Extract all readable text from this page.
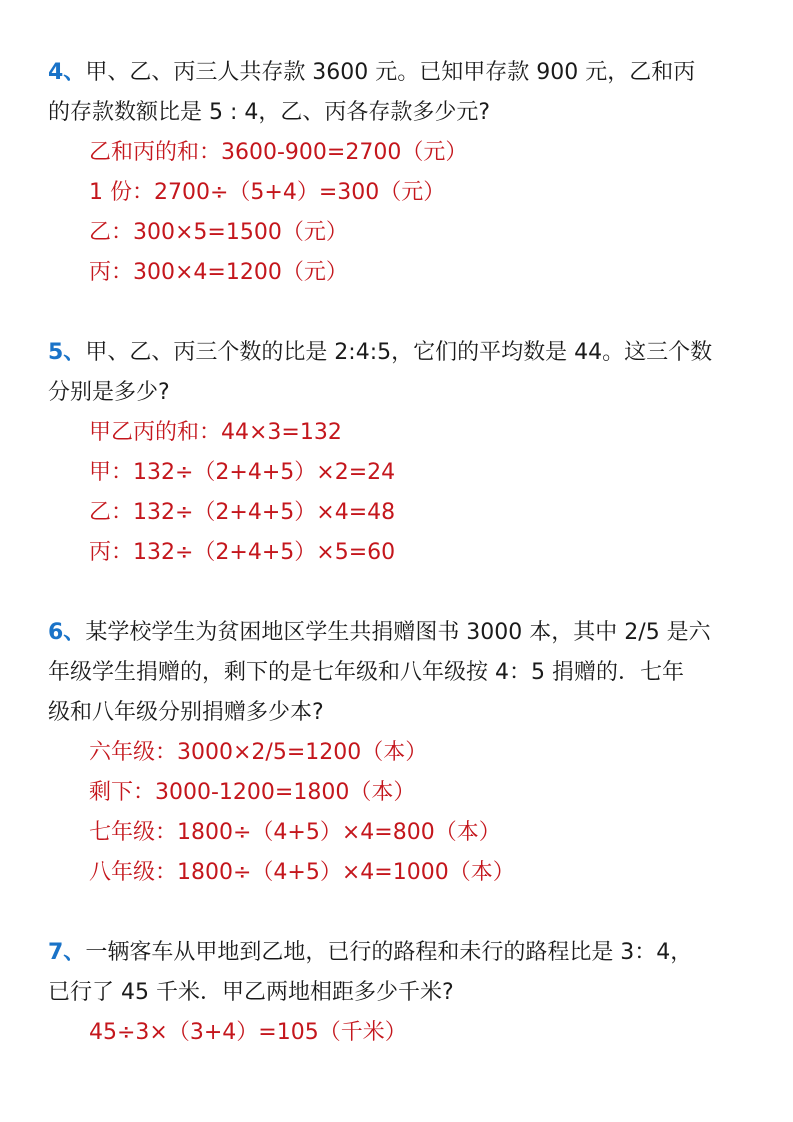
4、甲、乙、丙三人共存款 3600 元。已知甲存款 900 元，乙和丙
的存款数额比是 5 : 4，乙、丙各存款多少元?
乙和丙的和：3600-900=2700（元）
1 份：2700÷（5+4）=300（元）
乙：300×5=1500（元）
丙：300×4=1200（元）
5、甲、乙、丙三个数的比是 2:4:5，它们的平均数是 44。这三个数
分别是多少?
甲乙丙的和：44×3=132
甲：132÷（2+4+5）×2=24
乙：132÷（2+4+5）×4=48
丙：132÷（2+4+5）×5=60
6、某学校学生为贫困地区学生共捐赠图书 3000 本，其中 2/5 是六
年级学生捐赠的，剩下的是七年级和八年级按 4：5 捐赠的．七年
级和八年级分别捐赠多少本?
六年级：3000×2/5=1200（本）
剩下：3000-1200=1800（本）
七年级：1800÷（4+5）×4=800（本）
八年级：1800÷（4+5）×4=1000（本）
7、一辆客车从甲地到乙地，已行的路程和未行的路程比是 3：4，
已行了 45 千米．甲乙两地相距多少千米?
45÷3×（3+4）=105（千米）
